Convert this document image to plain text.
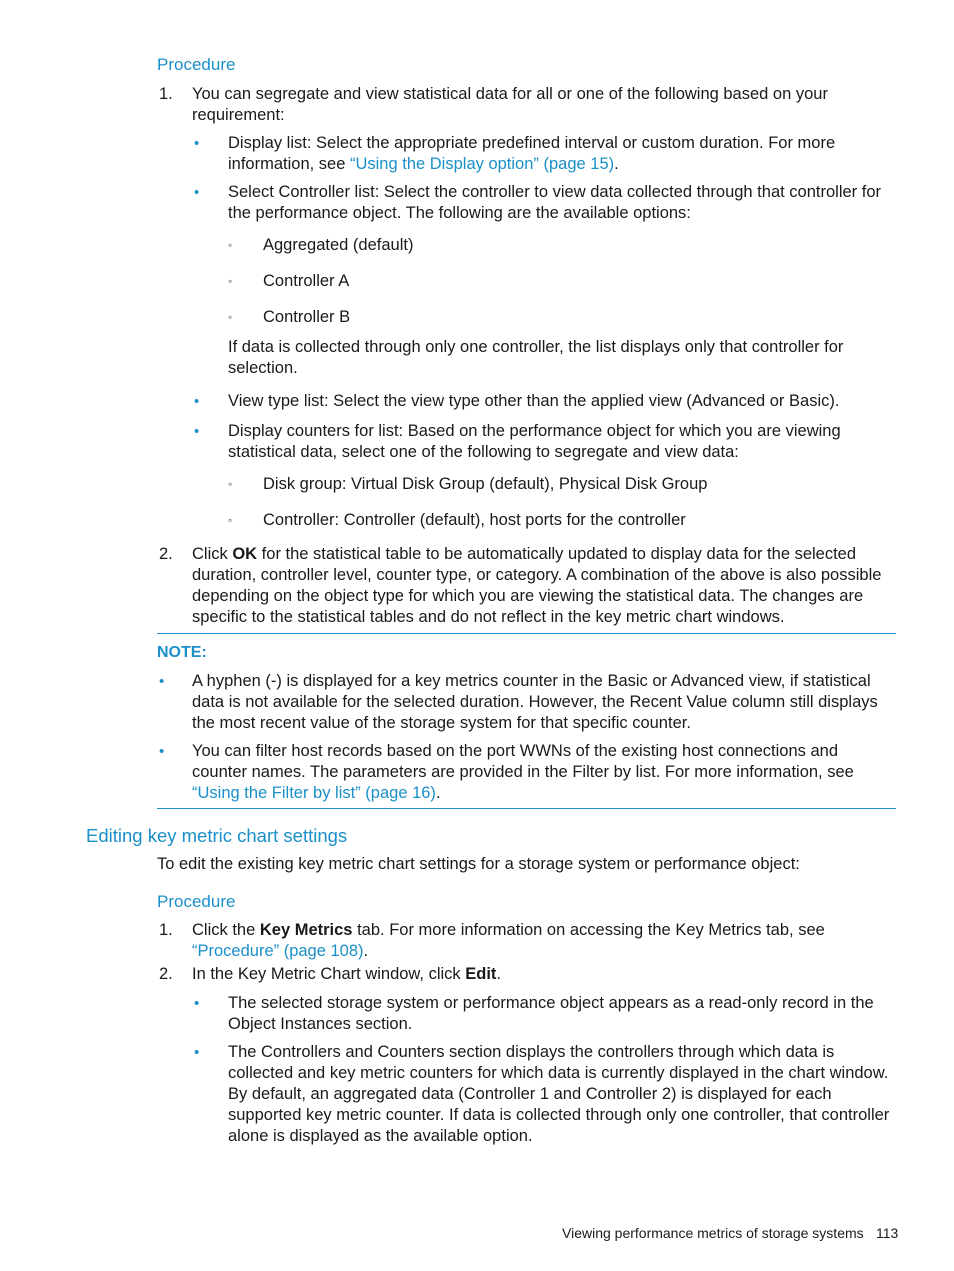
Procedure
1.	You can segregate and view statistical data for all or one of the following based on your requirement:
• Display list: Select the appropriate predefined interval or custom duration. For more information, see “Using the Display option” (page 15).
• Select Controller list: Select the controller to view data collected through that controller for the performance object. The following are the available options:
◦ Aggregated (default)
◦ Controller A
◦ Controller B
If data is collected through only one controller, the list displays only that controller for selection.
• View type list: Select the view type other than the applied view (Advanced or Basic).
• Display counters for list: Based on the performance object for which you are viewing statistical data, select one of the following to segregate and view data:
◦ Disk group: Virtual Disk Group (default), Physical Disk Group
◦ Controller: Controller (default), host ports for the controller
2.	Click OK for the statistical table to be automatically updated to display data for the selected duration, controller level, counter type, or category. A combination of the above is also possible depending on the object type for which you are viewing the statistical data. The changes are specific to the statistical tables and do not reflect in the key metric chart windows.
NOTE:
• A hyphen (-) is displayed for a key metrics counter in the Basic or Advanced view, if statistical data is not available for the selected duration. However, the Recent Value column still displays the most recent value of the storage system for that specific counter.
• You can filter host records based on the port WWNs of the existing host connections and counter names. The parameters are provided in the Filter by list. For more information, see “Using the Filter by list” (page 16).
Editing key metric chart settings
To edit the existing key metric chart settings for a storage system or performance object:
Procedure
1.	Click the Key Metrics tab. For more information on accessing the Key Metrics tab, see “Procedure” (page 108).
2.	In the Key Metric Chart window, click Edit.
• The selected storage system or performance object appears as a read-only record in the Object Instances section.
• The Controllers and Counters section displays the controllers through which data is collected and key metric counters for which data is currently displayed in the chart window. By default, an aggregated data (Controller 1 and Controller 2) is displayed for each supported key metric counter. If data is collected through only one controller, that controller alone is displayed as the available option.
Viewing performance metrics of storage systems 113
